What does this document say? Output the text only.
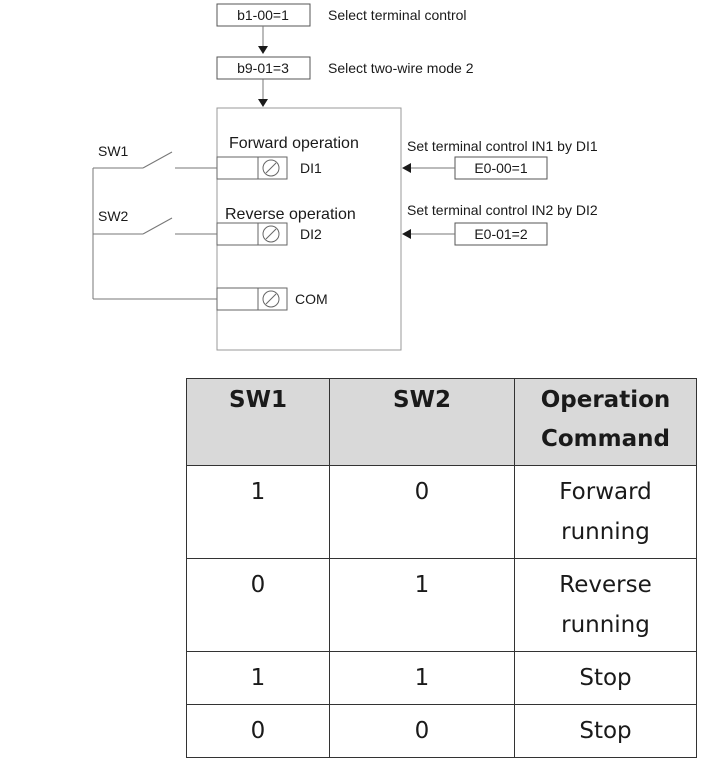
b1-00=1	Select terminal control
b9-01=3	Select two-wire mode 2
Forward operation
Reverse operation
DI1
DI2
COM
SW1
SW2
Set terminal control IN1 by DI1
E0-00=1
Set terminal control IN2 by DI2
E0-01=2
SW1	SW2	Operation Command
1	0	Forward running
0	1	Reverse running
1	1	Stop
0	0	Stop
